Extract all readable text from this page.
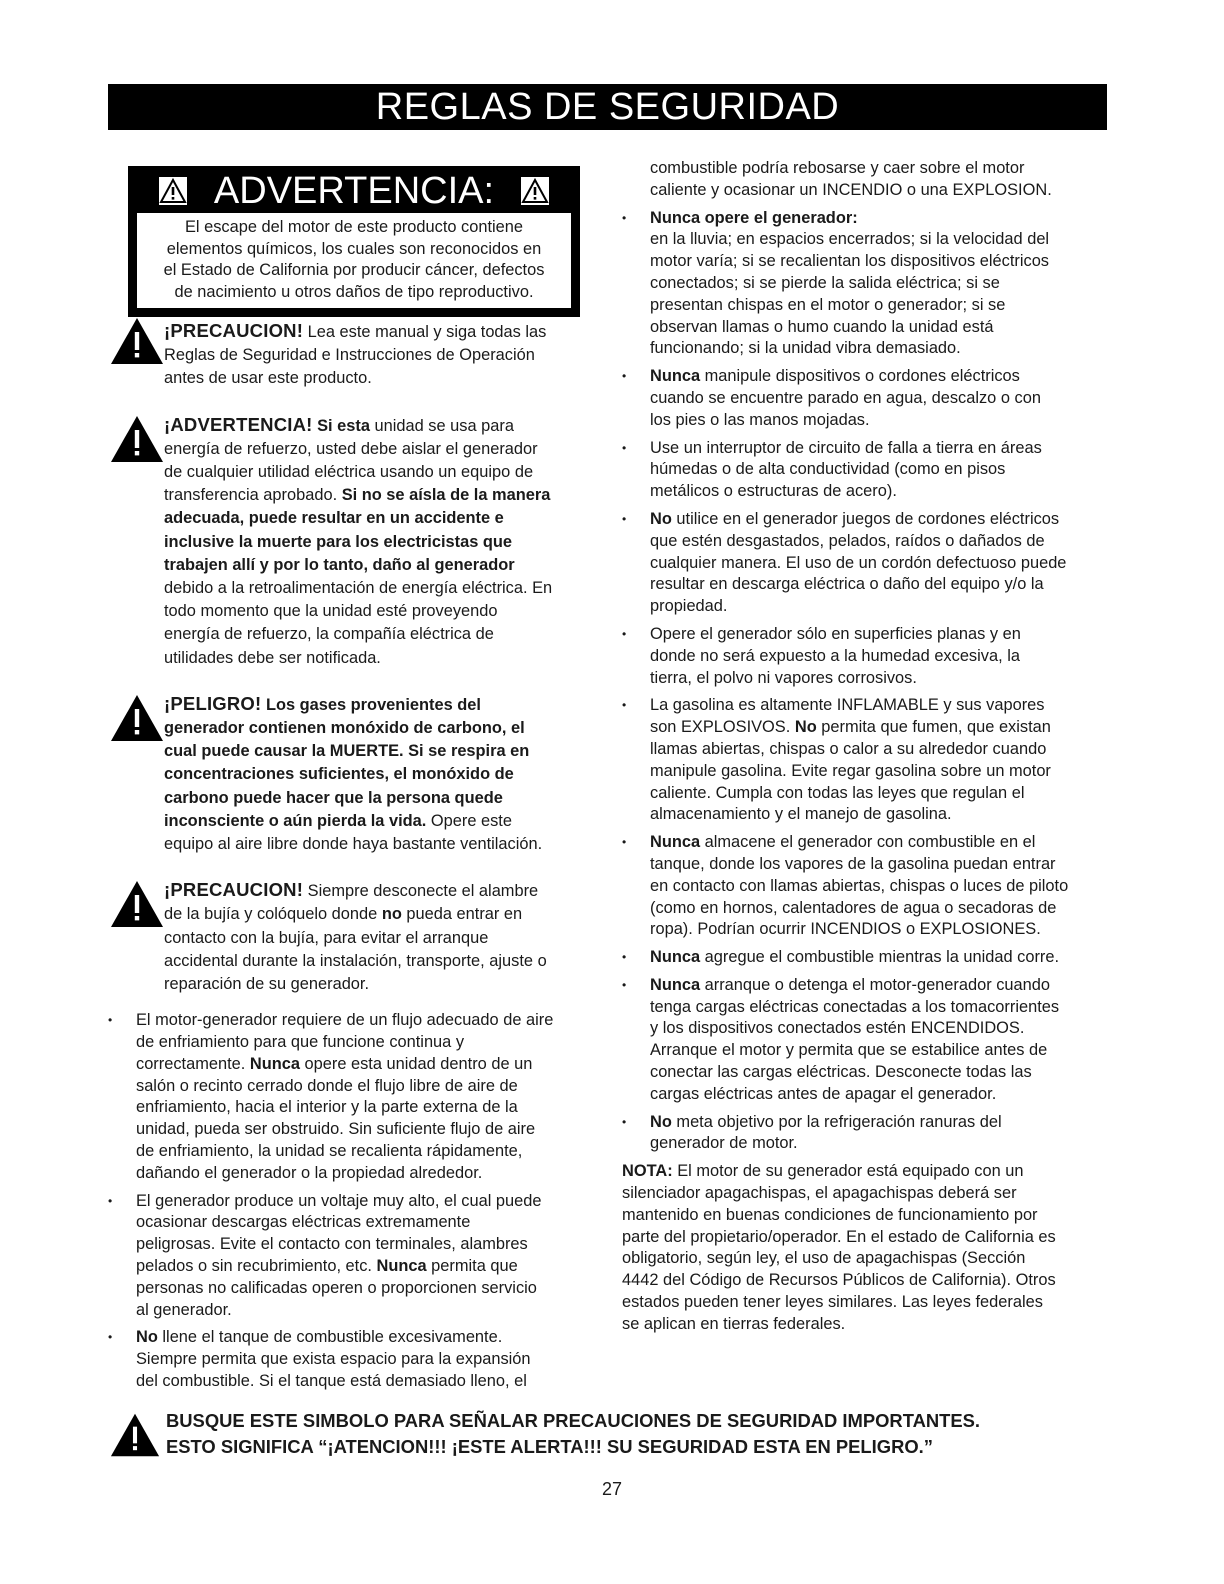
REGLAS DE SEGURIDAD
ADVERTENCIA:
El escape del motor de este producto contiene
elementos químicos, los cuales son reconocidos en
el Estado de California por producir cáncer, defectos
de nacimiento u otros daños de tipo reproductivo.
¡PRECAUCION! Lea este manual y siga todas las
Reglas de Seguridad e Instrucciones de Operación
antes de usar este producto.
¡ADVERTENCIA! Si esta unidad se usa para
energía de refuerzo, usted debe aislar el generador
de cualquier utilidad eléctrica usando un equipo de
transferencia aprobado. Si no se aísla de la manera
adecuada, puede resultar en un accidente e
inclusive la muerte para los electricistas que
trabajen allí y por lo tanto, daño al generador
debido a la retroalimentación de energía eléctrica. En
todo momento que la unidad esté proveyendo
energía de refuerzo, la compañía eléctrica de
utilidades debe ser notificada.
¡PELIGRO! Los gases provenientes del
generador contienen monóxido de carbono, el
cual puede causar la MUERTE. Si se respira en
concentraciones suficientes, el monóxido de
carbono puede hacer que la persona quede
inconsciente o aún pierda la vida. Opere este
equipo al aire libre donde haya bastante ventilación.
¡PRECAUCION! Siempre desconecte el alambre
de la bujía y colóquelo donde no pueda entrar en
contacto con la bujía, para evitar el arranque
accidental durante la instalación, transporte, ajuste o
reparación de su generador.
• El motor-generador requiere de un flujo adecuado de aire
de enfriamiento para que funcione continua y
correctamente. Nunca opere esta unidad dentro de un
salón o recinto cerrado donde el flujo libre de aire de
enfriamiento, hacia el interior y la parte externa de la
unidad, pueda ser obstruido. Sin suficiente flujo de aire
de enfriamiento, la unidad se recalienta rápidamente,
dañando el generador o la propiedad alrededor.
• El generador produce un voltaje muy alto, el cual puede
ocasionar descargas eléctricas extremamente
peligrosas. Evite el contacto con terminales, alambres
pelados o sin recubrimiento, etc. Nunca permita que
personas no calificadas operen o proporcionen servicio
al generador.
• No llene el tanque de combustible excesivamente.
Siempre permita que exista espacio para la expansión
del combustible. Si el tanque está demasiado lleno, el
combustible podría rebosarse y caer sobre el motor
caliente y ocasionar un INCENDIO o una EXPLOSION.
• Nunca opere el generador:
en la lluvia; en espacios encerrados; si la velocidad del
motor varía; si se recalientan los dispositivos eléctricos
conectados; si se pierde la salida eléctrica; si se
presentan chispas en el motor o generador; si se
observan llamas o humo cuando la unidad está
funcionando; si la unidad vibra demasiado.
• Nunca manipule dispositivos o cordones eléctricos
cuando se encuentre parado en agua, descalzo o con
los pies o las manos mojadas.
• Use un interruptor de circuito de falla a tierra en áreas
húmedas o de alta conductividad (como en pisos
metálicos o estructuras de acero).
• No utilice en el generador juegos de cordones eléctricos
que estén desgastados, pelados, raídos o dañados de
cualquier manera. El uso de un cordón defectuoso puede
resultar en descarga eléctrica o daño del equipo y/o la
propiedad.
• Opere el generador sólo en superficies planas y en
donde no será expuesto a la humedad excesiva, la
tierra, el polvo ni vapores corrosivos.
• La gasolina es altamente INFLAMABLE y sus vapores
son EXPLOSIVOS. No permita que fumen, que existan
llamas abiertas, chispas o calor a su alrededor cuando
manipule gasolina. Evite regar gasolina sobre un motor
caliente. Cumpla con todas las leyes que regulan el
almacenamiento y el manejo de gasolina.
• Nunca almacene el generador con combustible en el
tanque, donde los vapores de la gasolina puedan entrar
en contacto con llamas abiertas, chispas o luces de piloto
(como en hornos, calentadores de agua o secadoras de
ropa). Podrían ocurrir INCENDIOS o EXPLOSIONES.
• Nunca agregue el combustible mientras la unidad corre.
• Nunca arranque o detenga el motor-generador cuando
tenga cargas eléctricas conectadas a los tomacorrientes
y los dispositivos conectados estén ENCENDIDOS.
Arranque el motor y permita que se estabilice antes de
conectar las cargas eléctricas. Desconecte todas las
cargas eléctricas antes de apagar el generador.
• No meta objetivo por la refrigeración ranuras del
generador de motor.
NOTA: El motor de su generador está equipado con un
silenciador apagachispas, el apagachispas deberá ser
mantenido en buenas condiciones de funcionamiento por
parte del propietario/operador. En el estado de California es
obligatorio, según ley, el uso de apagachispas (Sección
4442 del Código de Recursos Públicos de California). Otros
estados pueden tener leyes similares. Las leyes federales
se aplican en tierras federales.
BUSQUE ESTE SIMBOLO PARA SEÑALAR PRECAUCIONES DE SEGURIDAD IMPORTANTES.
ESTO SIGNIFICA “¡ATENCION!!! ¡ESTE ALERTA!!! SU SEGURIDAD ESTA EN PELIGRO.”
27
